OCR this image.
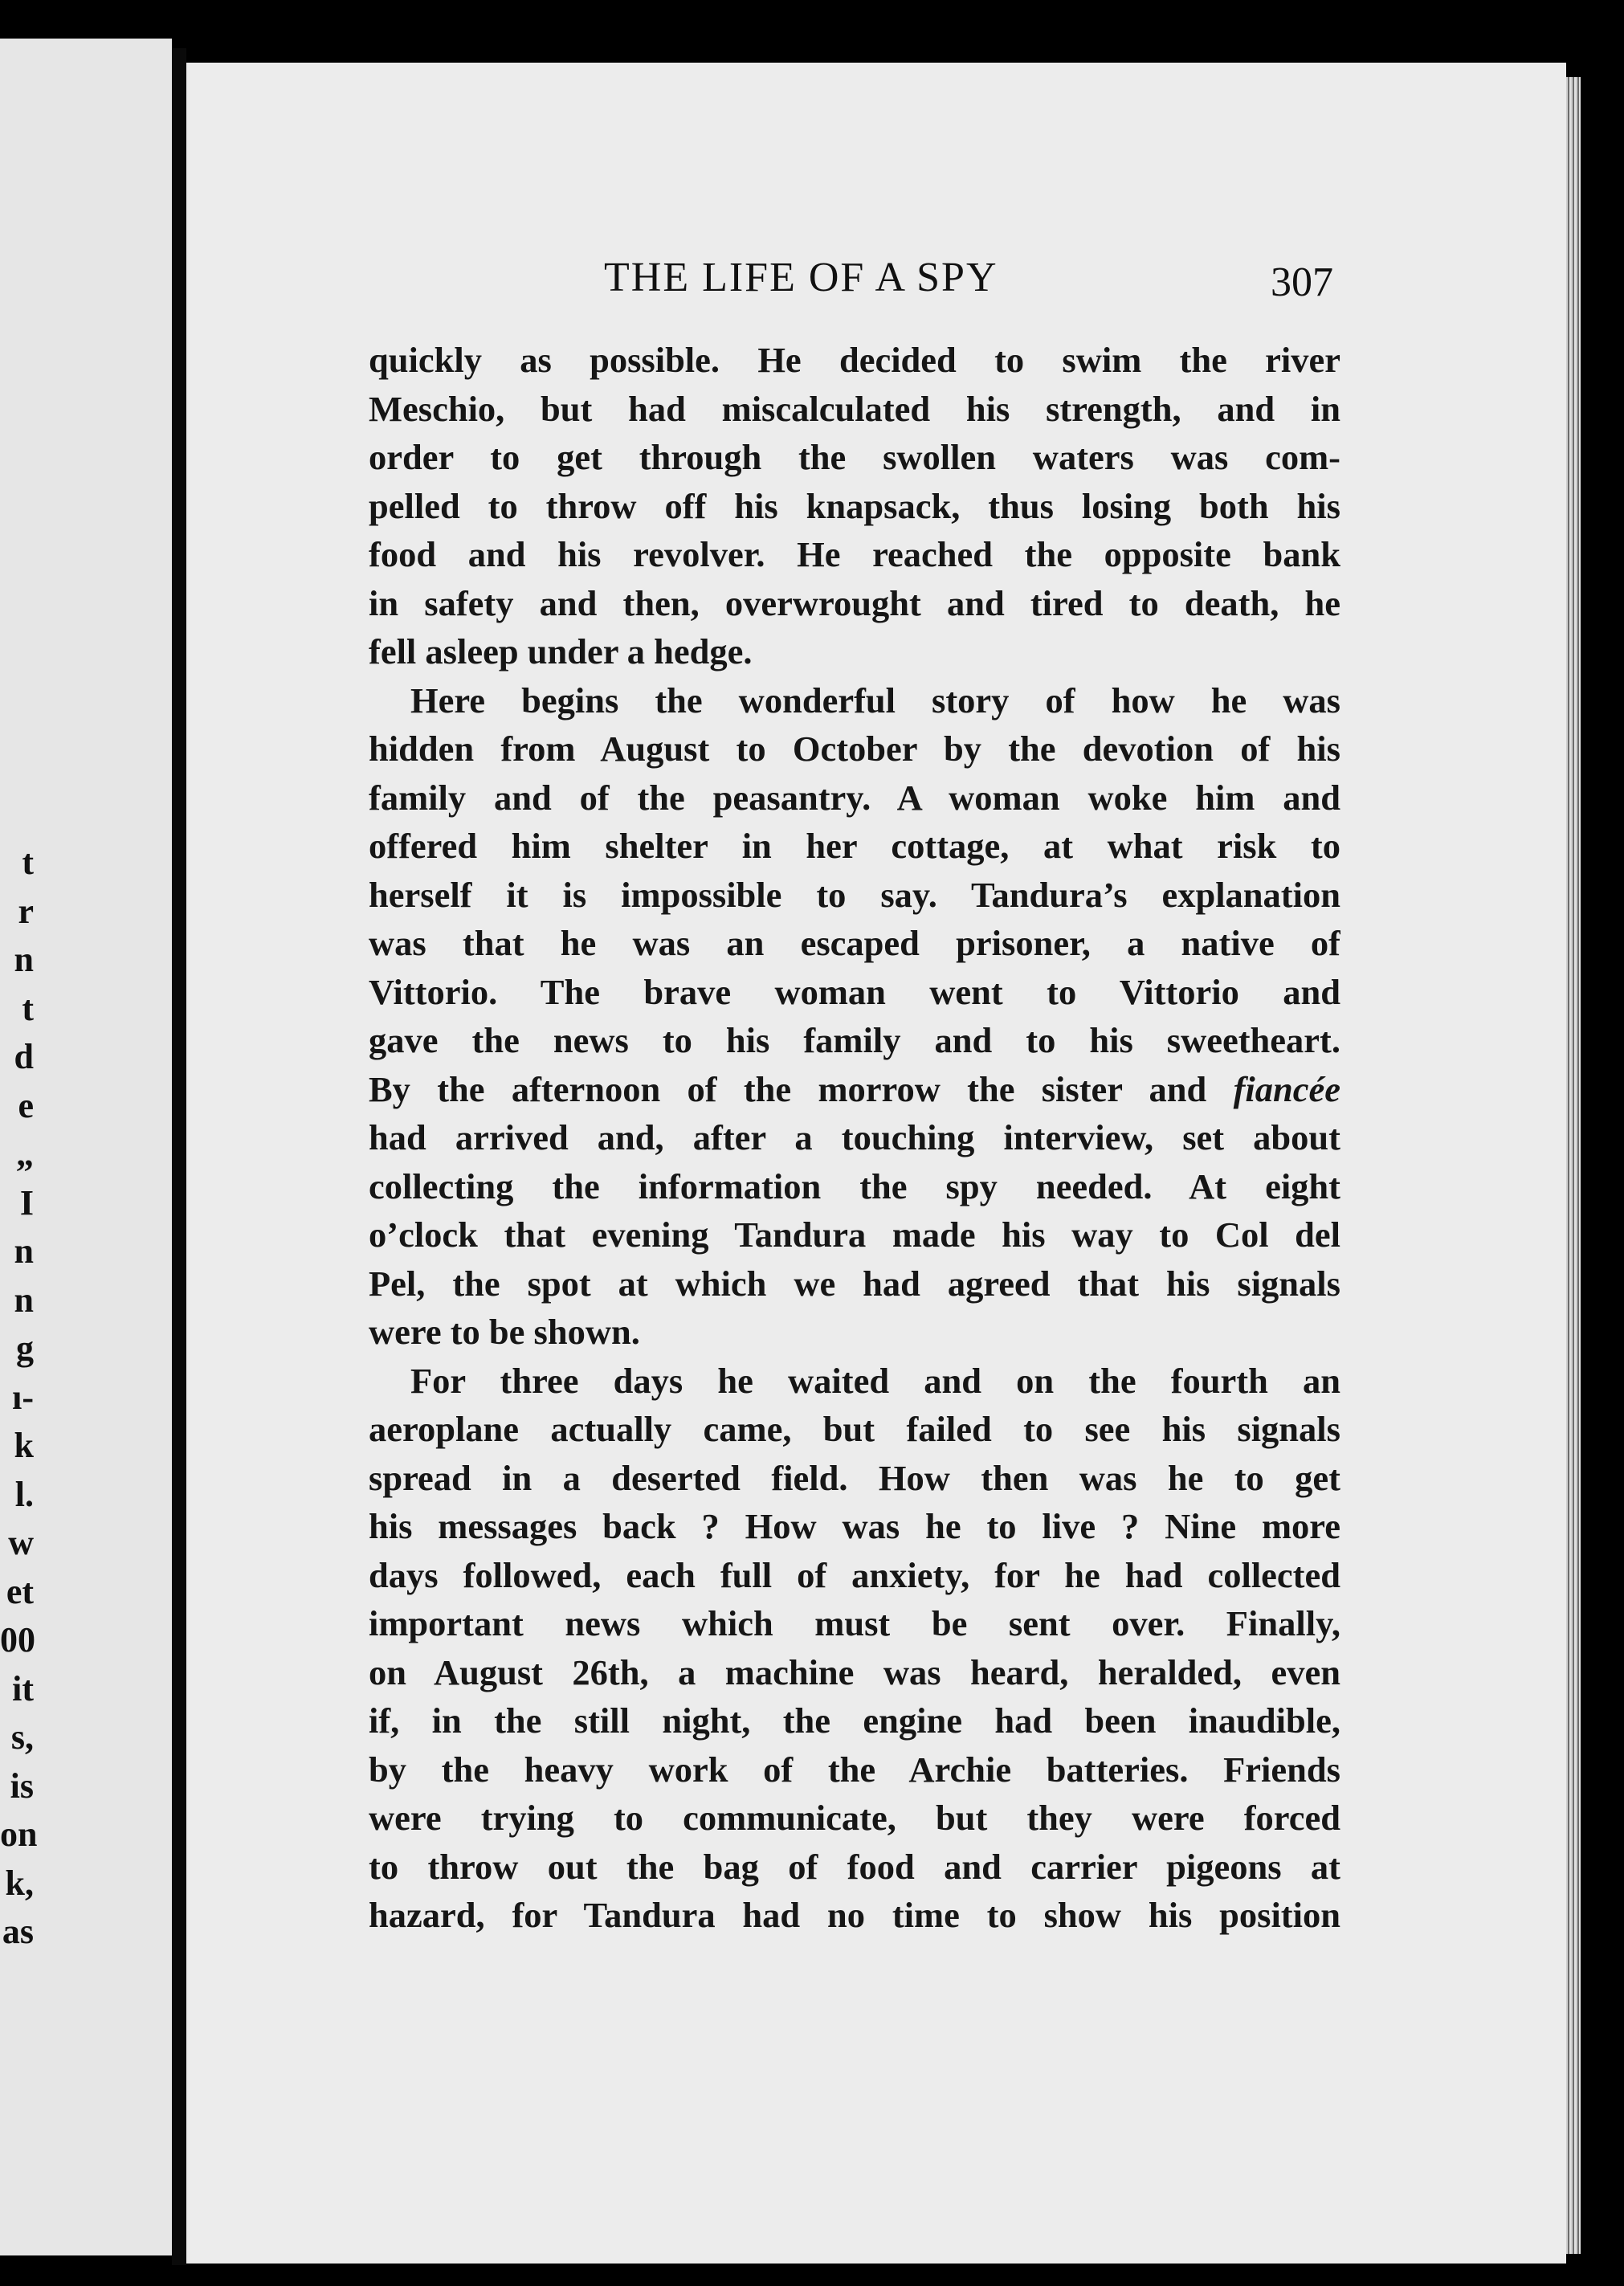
t
r
n
t
d
e
„
I
n
n
g
ı-
k
l.
w
et
00
it
s,
is
on
k,
as
THE LIFE OF A SPY	307
quickly as possible. He decided to swim the river
Meschio, but had miscalculated his strength, and in
order to get through the swollen waters was com-
pelled to throw off his knapsack, thus losing both his
food and his revolver. He reached the opposite bank
in safety and then, overwrought and tired to death, he
fell asleep under a hedge.
Here begins the wonderful story of how he was
hidden from August to October by the devotion of his
family and of the peasantry. A woman woke him and
offered him shelter in her cottage, at what risk to
herself it is impossible to say. Tandura’s explanation
was that he was an escaped prisoner, a native of
Vittorio. The brave woman went to Vittorio and
gave the news to his family and to his sweetheart.
By the afternoon of the morrow the sister and fiancée
had arrived and, after a touching interview, set about
collecting the information the spy needed. At eight
o’clock that evening Tandura made his way to Col del
Pel, the spot at which we had agreed that his signals
were to be shown.
For three days he waited and on the fourth an
aeroplane actually came, but failed to see his signals
spread in a deserted field. How then was he to get
his messages back ? How was he to live ? Nine more
days followed, each full of anxiety, for he had collected
important news which must be sent over. Finally,
on August 26th, a machine was heard, heralded, even
if, in the still night, the engine had been inaudible,
by the heavy work of the Archie batteries. Friends
were trying to communicate, but they were forced
to throw out the bag of food and carrier pigeons at
hazard, for Tandura had no time to show his position
